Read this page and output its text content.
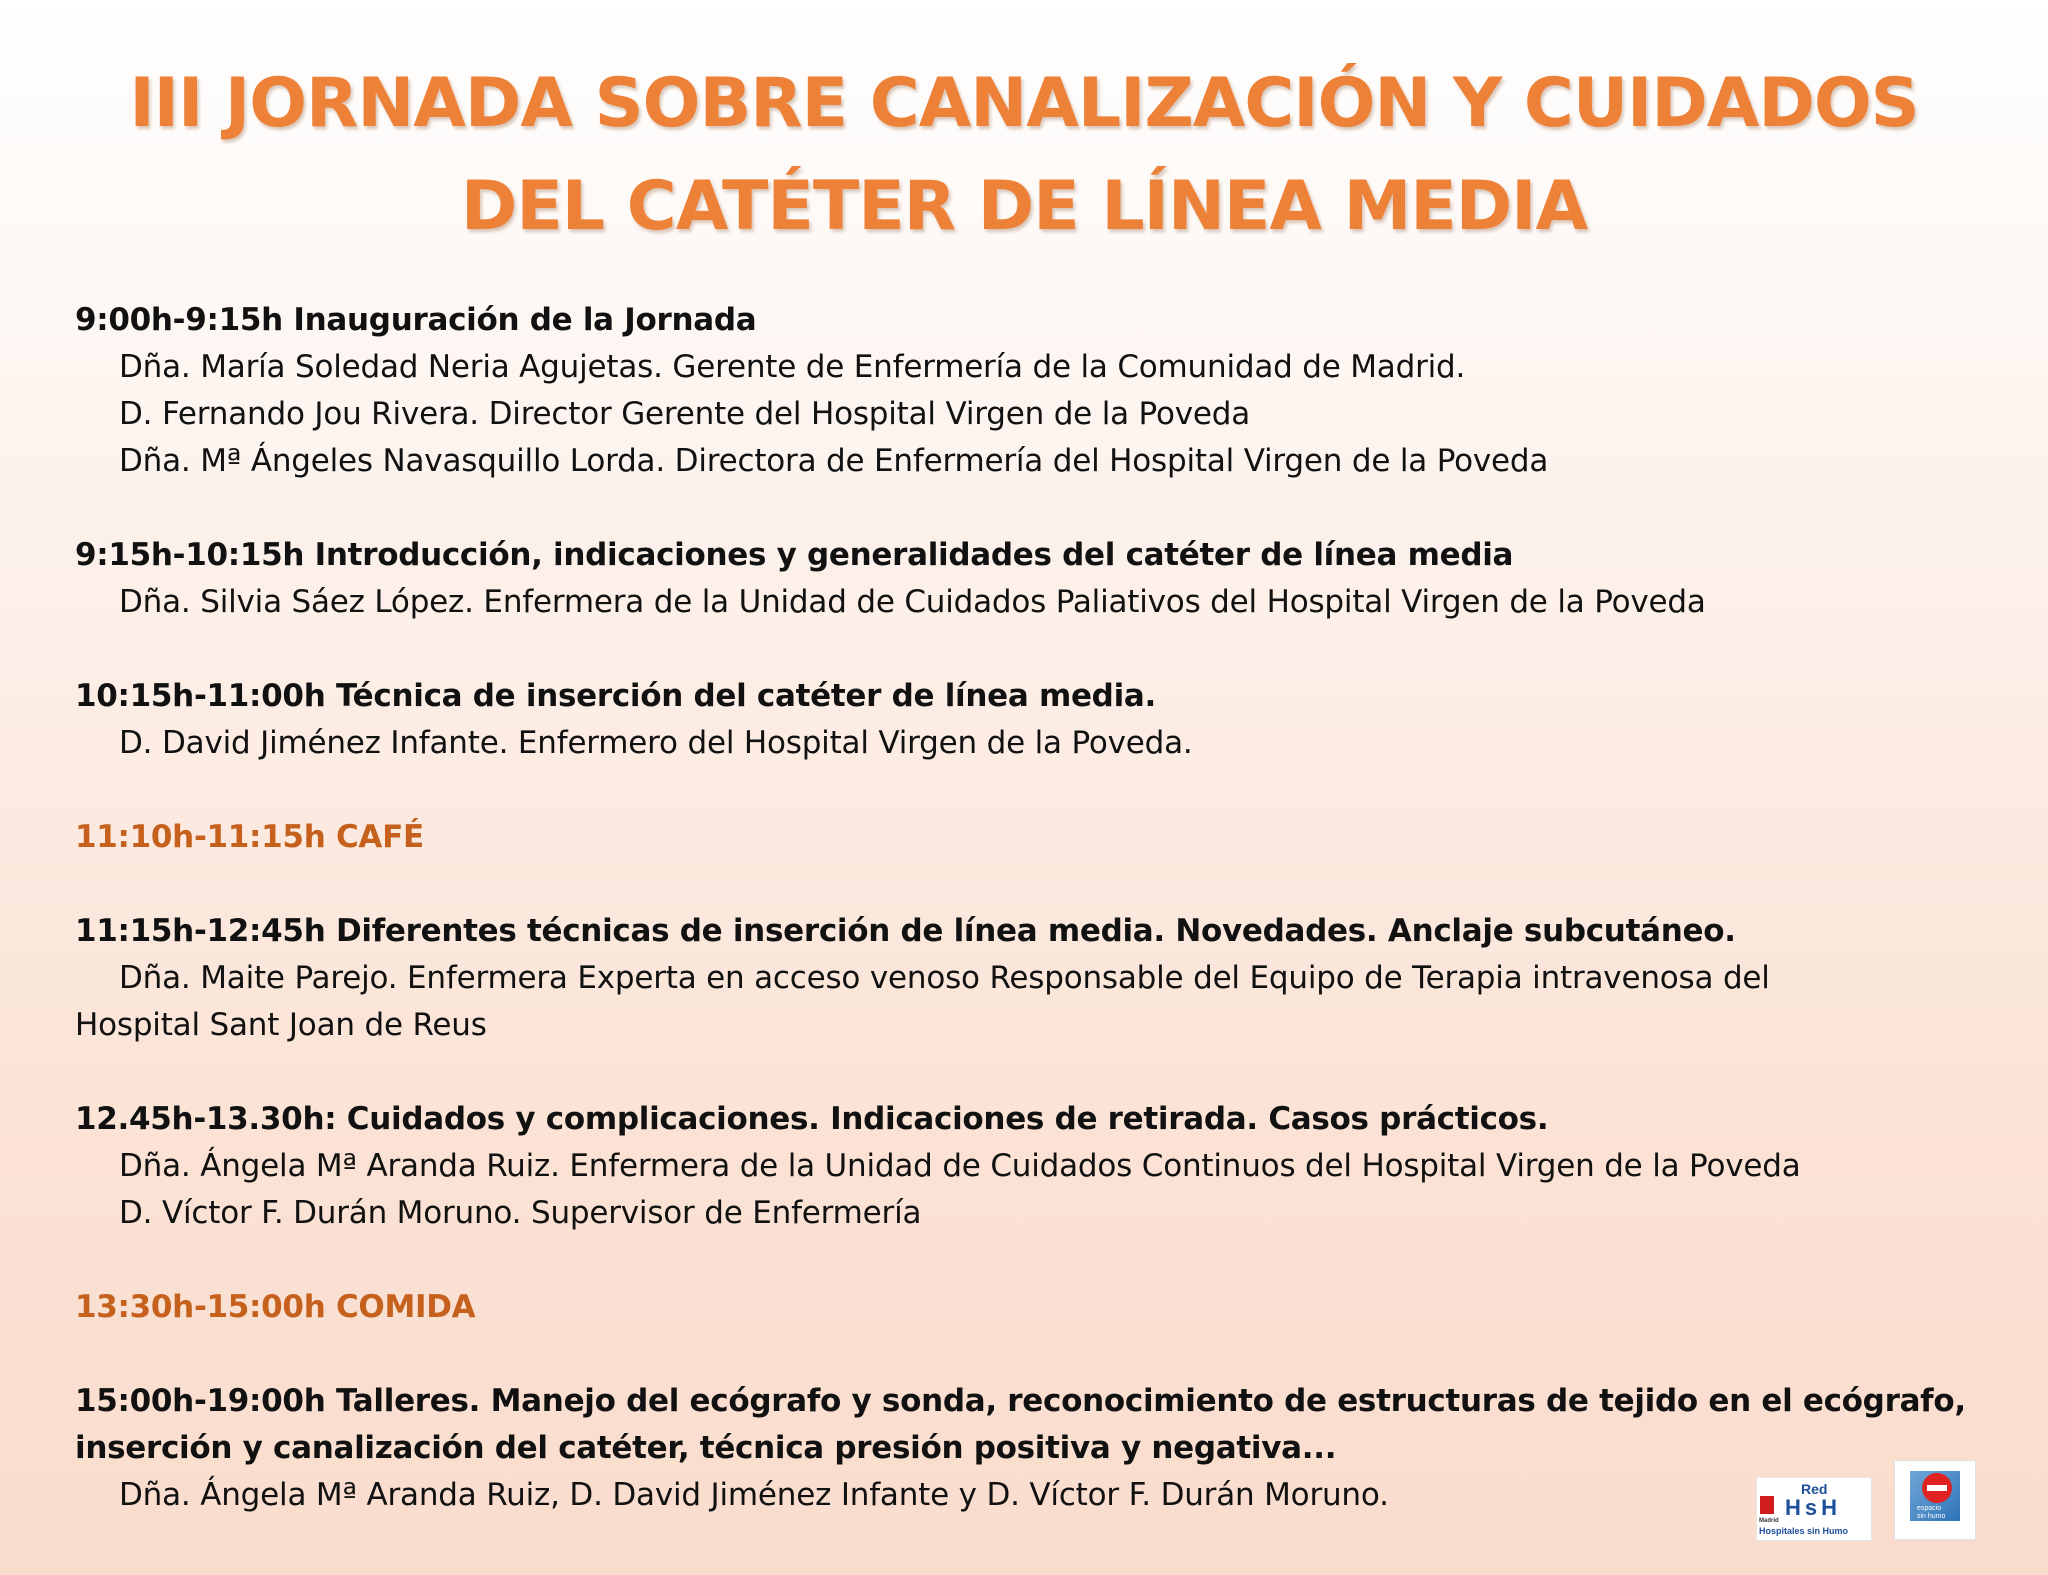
III JORNADA SOBRE CANALIZACIÓN Y CUIDADOS
DEL CATÉTER DE LÍNEA MEDIA
9:00h-9:15h Inauguración de la Jornada
Dña. María Soledad Neria Agujetas. Gerente de Enfermería de la Comunidad de Madrid.
D. Fernando Jou Rivera. Director Gerente del Hospital Virgen de la Poveda
Dña. Mª Ángeles Navasquillo Lorda. Directora de Enfermería del Hospital Virgen de la Poveda
9:15h-10:15h Introducción, indicaciones y generalidades del catéter de línea media
Dña. Silvia Sáez López. Enfermera de la Unidad de Cuidados Paliativos del Hospital Virgen de la Poveda
10:15h-11:00h Técnica de inserción del catéter de línea media.
D. David Jiménez Infante. Enfermero del Hospital Virgen de la Poveda.
11:10h-11:15h CAFÉ
11:15h-12:45h Diferentes técnicas de inserción de línea media. Novedades. Anclaje subcutáneo.
Dña. Maite Parejo. Enfermera Experta en acceso venoso Responsable del Equipo de Terapia intravenosa del
Hospital Sant Joan de Reus
12.45h-13.30h: Cuidados y complicaciones. Indicaciones de retirada. Casos prácticos.
Dña. Ángela Mª Aranda Ruiz. Enfermera de la Unidad de Cuidados Continuos del Hospital Virgen de la Poveda
D. Víctor F. Durán Moruno. Supervisor de Enfermería
13:30h-15:00h COMIDA
15:00h-19:00h Talleres. Manejo del ecógrafo y sonda, reconocimiento de estructuras de tejido en el ecógrafo,
inserción y canalización del catéter, técnica presión positiva y negativa...
Dña. Ángela Mª Aranda Ruiz, D. David Jiménez Infante y D. Víctor F. Durán Moruno.	Red
HsH
Madrid
Hospitales sin Humo
espacio
sin humo
